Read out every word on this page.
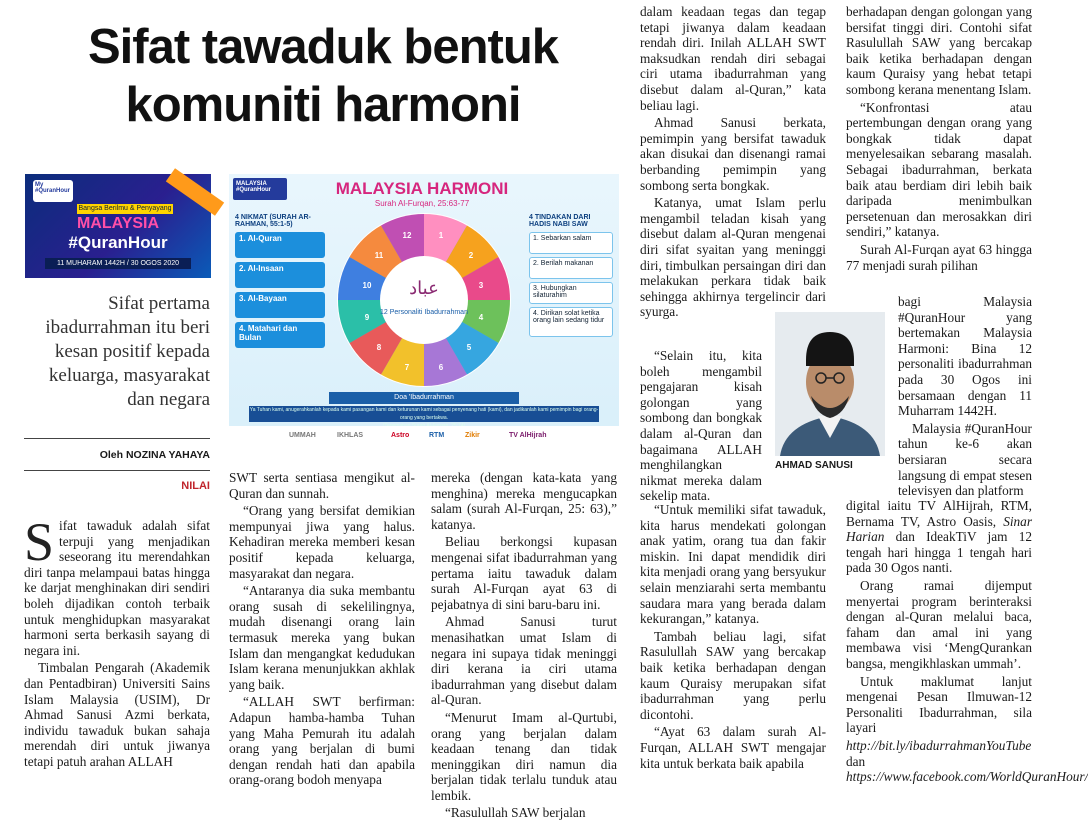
Sifat tawaduk bentuk
komuniti harmoni
My #QuranHour
Bangsa Berilmu & Penyayang
MALAYSIA
#QuranHour
11 MUHARAM 1442H / 30 OGOS 2020
MALAYSIA #QuranHour	MALAYSIA HARMONI
Surah Al-Furqan, 25:63-77
4 NIKMAT (SURAH AR-RAHMAN, 55:1-5)
1. Al-Quran
2. Al-Insaan
3. Al-Bayaan
4. Matahari dan Bulan
عباد
12 Personaliti Ibadurrahman
1
2
3
4
5
6
7
8
9
10
11
12
4 TINDAKAN DARI HADIS NABI SAW
1. Sebarkan salam
2. Berilah makanan
3. Hubungkan silaturahim
4. Dirikan solat ketika orang lain sedang tidur
Doa 'Ibadurrahman
Ya Tuhan kami, anugerahkanlah kepada kami pasangan kami dan keturunan kami sebagai penyenang hati (kami), dan jadikanlah kami pemimpin bagi orang-orang yang bertakwa.
UMMAH	IKHLAS	Astro	RTM	Zikir	TV AlHijrah
Sifat pertama ibadurrahman itu beri kesan positif kepada keluarga, masyarakat dan negara
Oleh NOZINA YAHAYA
NILAI

Sifat tawaduk adalah sifat terpuji yang menjadikan seseorang itu merendahkan diri tanpa melampaui batas hingga ke darjat menghinakan diri sendiri boleh dijadikan contoh terbaik untuk menghidupkan masyarakat harmoni serta berkasih sayang di negara ini.

Timbalan Pengarah (Akademik dan Pentadbiran) Universiti Sains Islam Malaysia (USIM), Dr Ahmad Sanusi Azmi berkata, individu tawaduk bukan sahaja merendah diri untuk jiwanya tetapi patuh arahan ALLAH

SWT serta sentiasa mengikut al-Quran dan sunnah.

“Orang yang bersifat demikian mempunyai jiwa yang halus. Kehadiran mereka memberi kesan positif kepada keluarga, masyarakat dan negara.

“Antaranya dia suka membantu orang susah di sekelilingnya, mudah disenangi orang lain termasuk mereka yang bukan Islam dan mengangkat kedudukan Islam kerana menunjukkan akhlak yang baik.

“ALLAH SWT berfirman: Adapun hamba-hamba Tuhan yang Maha Pemurah itu adalah orang yang berjalan di bumi dengan rendah hati dan apabila orang-orang bodoh menyapa

mereka (dengan kata-kata yang menghina) mereka mengucapkan salam (surah Al-Furqan, 25: 63),” katanya.

Beliau berkongsi kupasan mengenai sifat ibadurrahman yang pertama iaitu tawaduk dalam surah Al-Furqan ayat 63 di pejabatnya di sini baru-baru ini.

Ahmad Sanusi turut menasihatkan umat Islam di negara ini supaya tidak meninggi diri kerana ia ciri utama ibadurrahman yang disebut dalam al-Quran.

“Menurut Imam al-Qurtubi, orang yang berjalan dalam keadaan tenang dan tidak meninggikan diri namun dia berjalan tidak terlalu tunduk atau lembik.

“Rasulullah SAW berjalan

dalam keadaan tegas dan tegap tetapi jiwanya dalam keadaan rendah diri. Inilah ALLAH SWT maksudkan rendah diri sebagai ciri utama ibadurrahman yang disebut dalam al-Quran,” kata beliau lagi.

Ahmad Sanusi berkata, pemimpin yang bersifat tawaduk akan disukai dan disenangi ramai berbanding pemimpin yang sombong serta bongkak.

Katanya, umat Islam perlu mengambil teladan kisah yang disebut dalam al-Quran mengenai diri sifat syaitan yang meninggi diri, timbulkan persaingan diri dan melakukan perkara tidak baik sehingga akhirnya tergelincir dari syurga.

“Selain itu, kita boleh mengambil pengajaran kisah golongan yang sombong dan bongkak dalam al-Quran dan bagaimana ALLAH menghilangkan nikmat mereka dalam sekelip mata.

“Untuk memiliki sifat tawaduk, kita harus mendekati golongan anak yatim, orang tua dan fakir miskin. Ini dapat mendidik diri kita menjadi orang yang bersyukur selain menziarahi serta membantu saudara mara yang berada dalam kekurangan,” katanya.

Tambah beliau lagi, sifat Rasulullah SAW yang bercakap baik ketika berhadapan dengan kaum Quraisy merupakan sifat ibadurrahman yang perlu dicontohi.

“Ayat 63 dalam surah Al-Furqan, ALLAH SWT mengajar kita untuk berkata baik apabila

AHMAD SANUSI

berhadapan dengan golongan yang bersifat tinggi diri. Contohi sifat Rasulullah SAW yang bercakap baik ketika berhadapan dengan kaum Quraisy yang hebat tetapi sombong kerana menentang Islam.

“Konfrontasi atau pertembungan dengan orang yang bongkak tidak dapat menyelesaikan sebarang masalah. Sebagai ibadurrahman, berkata baik atau berdiam diri lebih baik daripada menimbulkan persetenuan dan merosakkan diri sendiri,” katanya.

Surah Al-Furqan ayat 63 hingga 77 menjadi surah pilihan

bagi Malaysia #QuranHour yang bertemakan Malaysia Harmoni: Bina 12 personaliti ibadurrahman pada 30 Ogos ini bersamaan dengan 11 Muharram 1442H.

Malaysia #QuranHour tahun ke-6 akan bersiaran secara langsung di empat stesen televisyen dan platform

digital iaitu TV AlHijrah, RTM, Bernama TV, Astro Oasis, Sinar Harian dan IdeakTiV jam 12 tengah hari hingga 1 tengah hari pada 30 Ogos nanti.

Orang ramai dijemput menyertai program berinteraksi dengan al-Quran melalui baca, faham dan amal ini yang membawa visi ‘MengQurankan bangsa, mengikhlaskan ummah’.

Untuk maklumat lanjut mengenai Pesan Ilmuwan-12 Personaliti Ibadurrahman, sila layari

http://bit.ly/ibadurrahmanYouTube dan https://www.facebook.com/WorldQuranHour/
